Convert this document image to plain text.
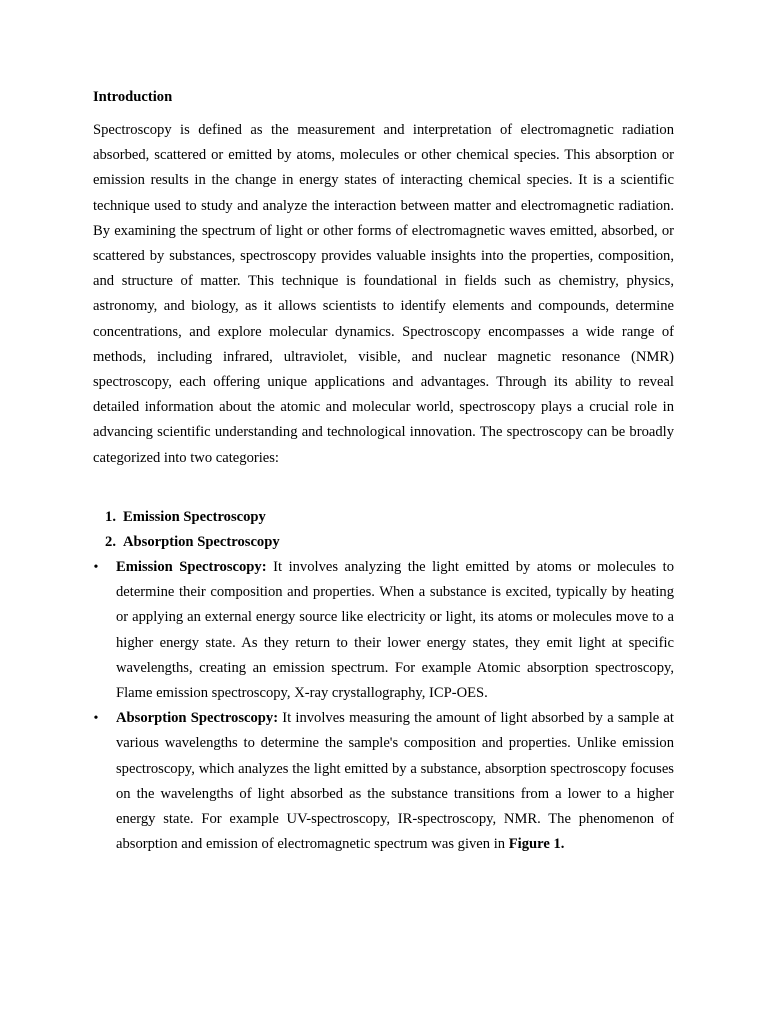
Introduction

Spectroscopy is defined as the measurement and interpretation of electromagnetic radiation absorbed, scattered or emitted by atoms, molecules or other chemical species. This absorption or emission results in the change in energy states of interacting chemical species. It is a scientific technique used to study and analyze the interaction between matter and electromagnetic radiation. By examining the spectrum of light or other forms of electromagnetic waves emitted, absorbed, or scattered by substances, spectroscopy provides valuable insights into the properties, composition, and structure of matter. This technique is foundational in fields such as chemistry, physics, astronomy, and biology, as it allows scientists to identify elements and compounds, determine concentrations, and explore molecular dynamics. Spectroscopy encompasses a wide range of methods, including infrared, ultraviolet, visible, and nuclear magnetic resonance (NMR) spectroscopy, each offering unique applications and advantages. Through its ability to reveal detailed information about the atomic and molecular world, spectroscopy plays a crucial role in advancing scientific understanding and technological innovation. The spectroscopy can be broadly categorized into two categories:

1. Emission Spectroscopy
2. Absorption Spectroscopy
• Emission Spectroscopy: It involves analyzing the light emitted by atoms or molecules to determine their composition and properties. When a substance is excited, typically by heating or applying an external energy source like electricity or light, its atoms or molecules move to a higher energy state. As they return to their lower energy states, they emit light at specific wavelengths, creating an emission spectrum. For example Atomic absorption spectroscopy, Flame emission spectroscopy, X-ray crystallography, ICP-OES.
• Absorption Spectroscopy: It involves measuring the amount of light absorbed by a sample at various wavelengths to determine the sample's composition and properties. Unlike emission spectroscopy, which analyzes the light emitted by a substance, absorption spectroscopy focuses on the wavelengths of light absorbed as the substance transitions from a lower to a higher energy state. For example UV-spectroscopy, IR-spectroscopy, NMR. The phenomenon of absorption and emission of electromagnetic spectrum was given in Figure 1.
